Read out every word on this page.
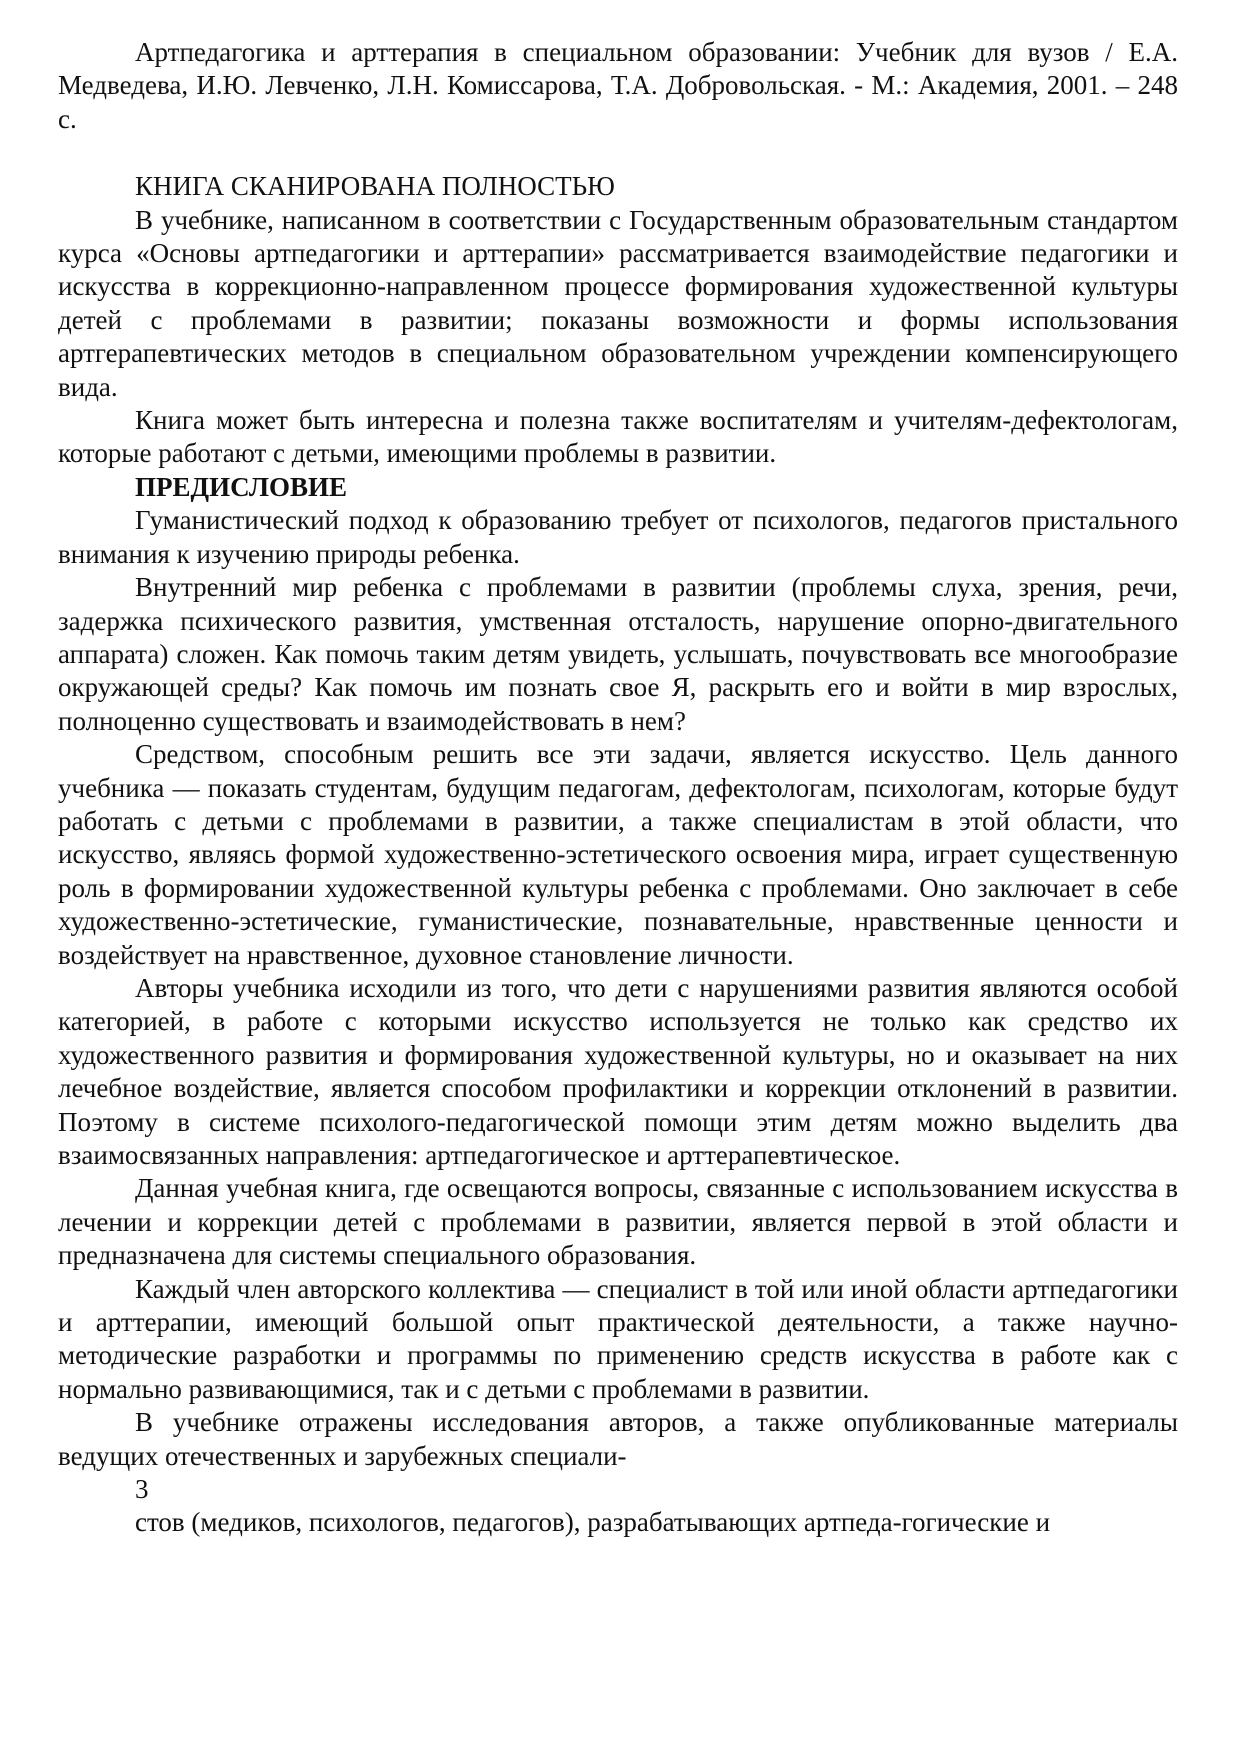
Артпедагогика и арттерапия в специальном образовании: Учебник для вузов / Е.А. Медведева, И.Ю. Левченко, Л.Н. Комиссарова, Т.А. Добровольская. - М.: Академия, 2001. – 248 с.

КНИГА СКАНИРОВАНА ПОЛНОСТЬЮ

В учебнике, написанном в соответствии с Государственным образовательным стандартом курса «Основы артпедагогики и арттерапии» рассматривается взаимодействие педагогики и искусства в коррекционно-направленном процессе формирования художественной культуры детей с проблемами в развитии; показаны возможности и формы использования артгерапевтических методов в специальном образовательном учреждении компенсирующего вида.

Книга может быть интересна и полезна также воспитателям и учителям-дефектологам, которые работают с детьми, имеющими проблемы в развитии.

ПРЕДИСЛОВИЕ

Гуманистический подход к образованию требует от психологов, педагогов пристального внимания к изучению природы ребенка.

Внутренний мир ребенка с проблемами в развитии (проблемы слуха, зрения, речи, задержка психического развития, умственная отсталость, нарушение опорно-двигательного аппарата) сложен. Как помочь таким детям увидеть, услышать, почувствовать все многообразие окружающей среды? Как помочь им познать свое Я, раскрыть его и войти в мир взрослых, полноценно существовать и взаимодействовать в нем?

Средством, способным решить все эти задачи, является искусство. Цель данного учебника — показать студентам, будущим педагогам, дефектологам, психологам, которые будут работать с детьми с проблемами в развитии, а также специалистам в этой области, что искусство, являясь формой художественно-эстетического освоения мира, играет существенную роль в формировании художественной культуры ребенка с проблемами. Оно заключает в себе художественно-эстетические, гуманистические, познавательные, нравственные ценности и воздействует на нравственное, духовное становление личности.

Авторы учебника исходили из того, что дети с нарушениями развития являются особой категорией, в работе с которыми искусство используется не только как средство их художественного развития и формирования художественной культуры, но и оказывает на них лечебное воздействие, является способом профилактики и коррекции отклонений в развитии. Поэтому в системе психолого-педагогической помощи этим детям можно выделить два взаимосвязанных направления: артпедагогическое и арттерапевтическое.

Данная учебная книга, где освещаются вопросы, связанные с использованием искусства в лечении и коррекции детей с проблемами в развитии, является первой в этой области и предназначена для системы специального образования.

Каждый член авторского коллектива — специалист в той или иной области артпедагогики и арттерапии, имеющий большой опыт практической деятельности, а также научно-методические разработки и программы по применению средств искусства в работе как с нормально развивающимися, так и с детьми с проблемами в развитии.

В учебнике отражены исследования авторов, а также опубликованные материалы ведущих отечественных и зарубежных специали-

3

стов (медиков, психологов, педагогов), разрабатывающих артпеда-гогические и
